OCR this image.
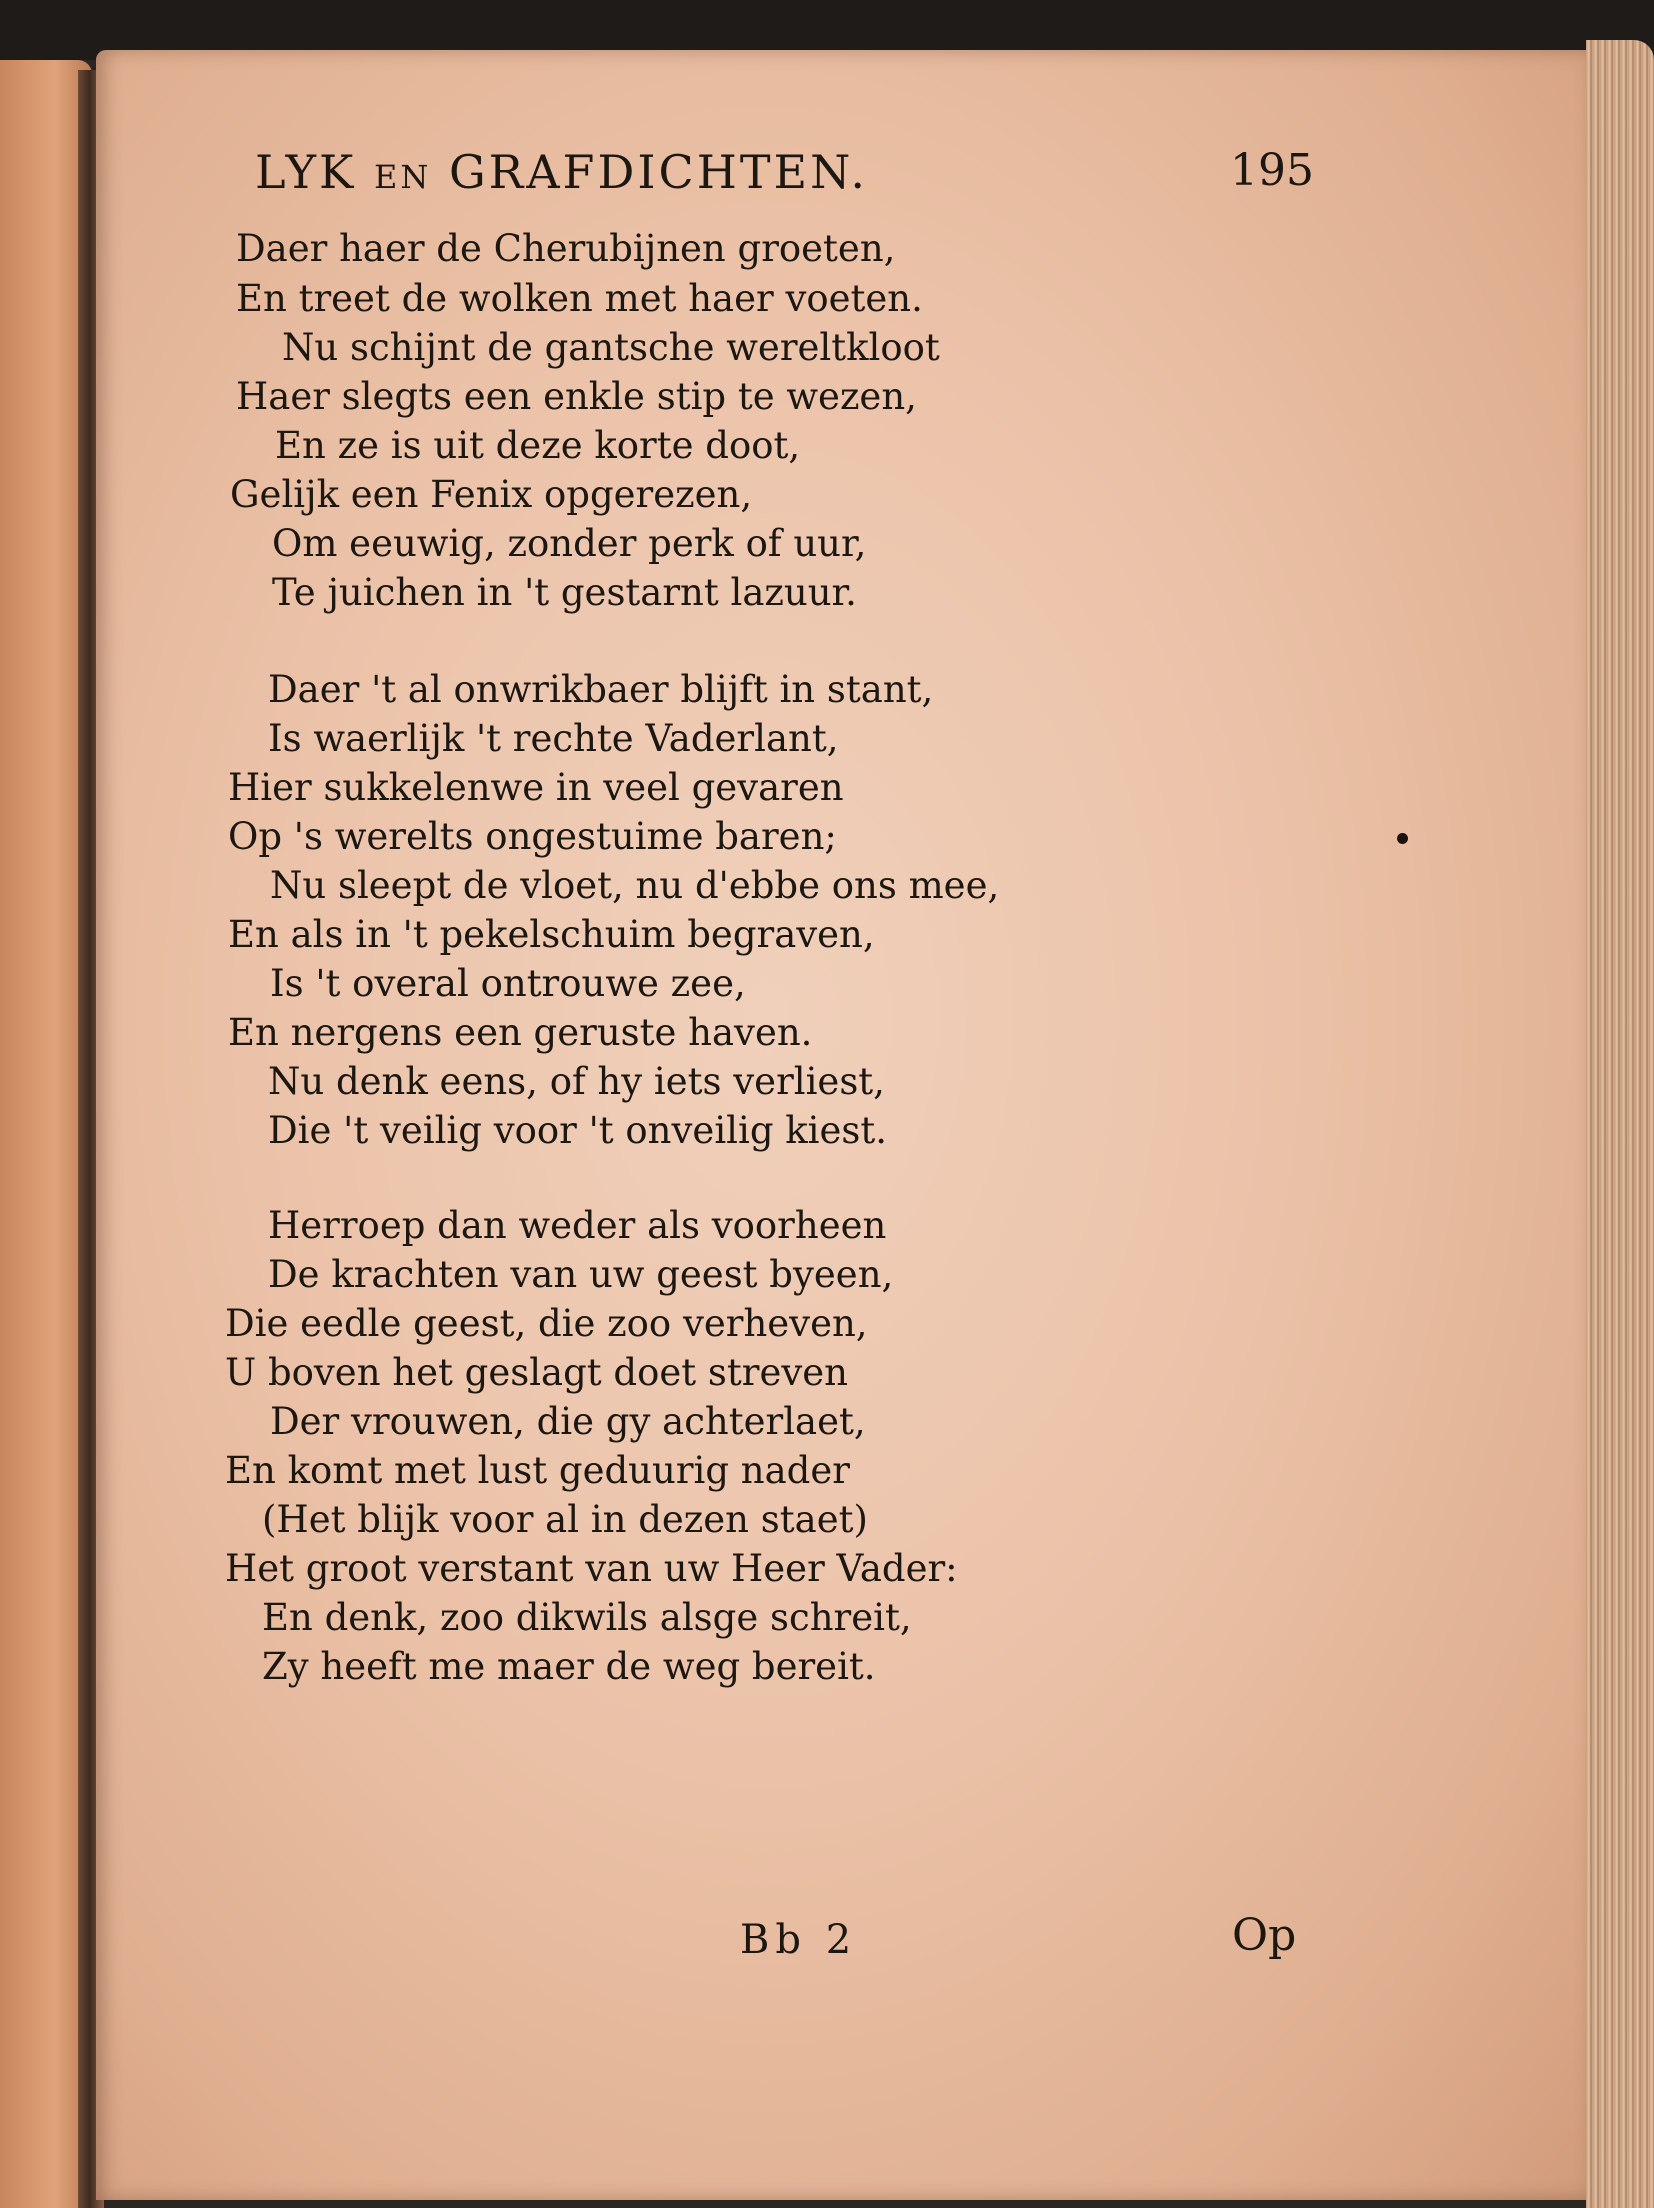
LYK en GRAFDICHTEN.	195
Daer haer de Cherubijnen groeten,
En treet de wolken met haer voeten.
Nu schijnt de gantsche wereltkloot
Haer slegts een enkle stip te wezen,
En ze is uit deze korte doot,
Gelijk een Fenix opgerezen,
Om eeuwig, zonder perk of uur,
Te juichen in 't gestarnt lazuur.
Daer 't al onwrikbaer blijft in stant,
Is waerlijk 't rechte Vaderlant,
Hier sukkelenwe in veel gevaren
Op 's werelts ongestuime baren;
Nu sleept de vloet, nu d'ebbe ons mee,
En als in 't pekelschuim begraven,
Is 't overal ontrouwe zee,
En nergens een geruste haven.
Nu denk eens, of hy iets verliest,
Die 't veilig voor 't onveilig kiest.
Herroep dan weder als voorheen
De krachten van uw geest byeen,
Die eedle geest, die zoo verheven,
U boven het geslagt doet streven
Der vrouwen, die gy achterlaet,
En komt met lust geduurig nader
(Het blijk voor al in dezen staet)
Het groot verstant van uw Heer Vader:
En denk, zoo dikwils alsge schreit,
Zy heeft me maer de weg bereit.
Bb 2	Op
